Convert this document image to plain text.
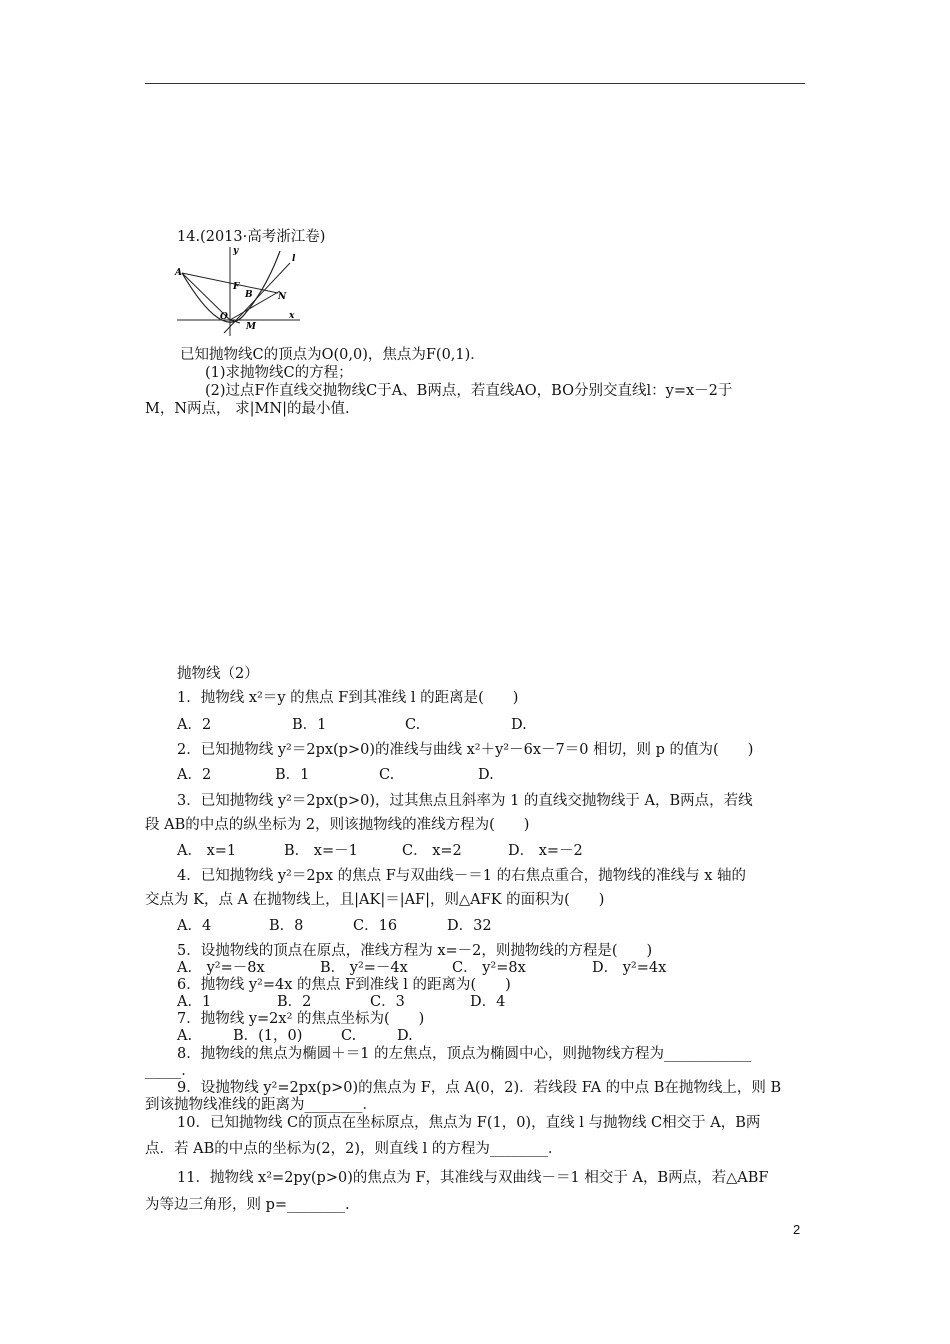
14.(2013·高考浙江卷)
y
x
A
F
B	N
O
M
l
已知抛物线C的顶点为O(0,0)，焦点为F(0,1)．
(1)求抛物线C的方程；
(2)过点F作直线交抛物线C于A、B两点，若直线AO，BO分别交直线l：y=x－2于
M，N两点， 求|MN|的最小值.
抛物线（2）
1．抛物线 x²＝y 的焦点 F到其准线 l 的距离是(　　)
A．2	B．1	C.	D.
2．已知抛物线 y²＝2px(p>0)的准线与曲线 x²＋y²－6x－7＝0 相切，则 p 的值为(　　)
A．2	B．1	C.	D.
3．已知抛物线 y²＝2px(p>0)，过其焦点且斜率为 1 的直线交抛物线于 A，B两点，若线
段 AB的中点的纵坐标为 2，则该抛物线的准线方程为(　　)
A． x=1	B． x=－1	C． x=2	D． x=－2
4．已知抛物线 y²＝2px 的焦点 F与双曲线－＝1 的右焦点重合，抛物线的准线与 x 轴的
交点为 K，点 A 在抛物线上，且|AK|＝|AF|，则△AFK 的面积为(　　)
A．4	B．8	C．16	D．32
5．设抛物线的顶点在原点，准线方程为 x=－2，则抛物线的方程是(　　)
A． y²=－8x	B． y²=－4x	C． y²=8x	D． y²=4x
6．抛物线 y²=4x 的焦点 F到准线 l 的距离为(　　)
A．1	B．2	C．3	D．4
7．抛物线 y=2x² 的焦点坐标为(　　)
A.	B．(1，0)	C.	D.
8．抛物线的焦点为椭圆＋＝1 的左焦点，顶点为椭圆中心，则抛物线方程为____________
_____．
9．设抛物线 y²=2px(p>0)的焦点为 F，点 A(0，2)．若线段 FA 的中点 B在抛物线上，则 B
到该抛物线准线的距离为________．
10．已知抛物线 C的顶点在坐标原点，焦点为 F(1，0)，直线 l 与抛物线 C相交于 A，B两
点．若 AB的中点的坐标为(2，2)，则直线 l 的方程为________．
11．抛物线 x²=2py(p>0)的焦点为 F，其准线与双曲线－＝1 相交于 A，B两点，若△ABF
为等边三角形，则 p=________.
2
